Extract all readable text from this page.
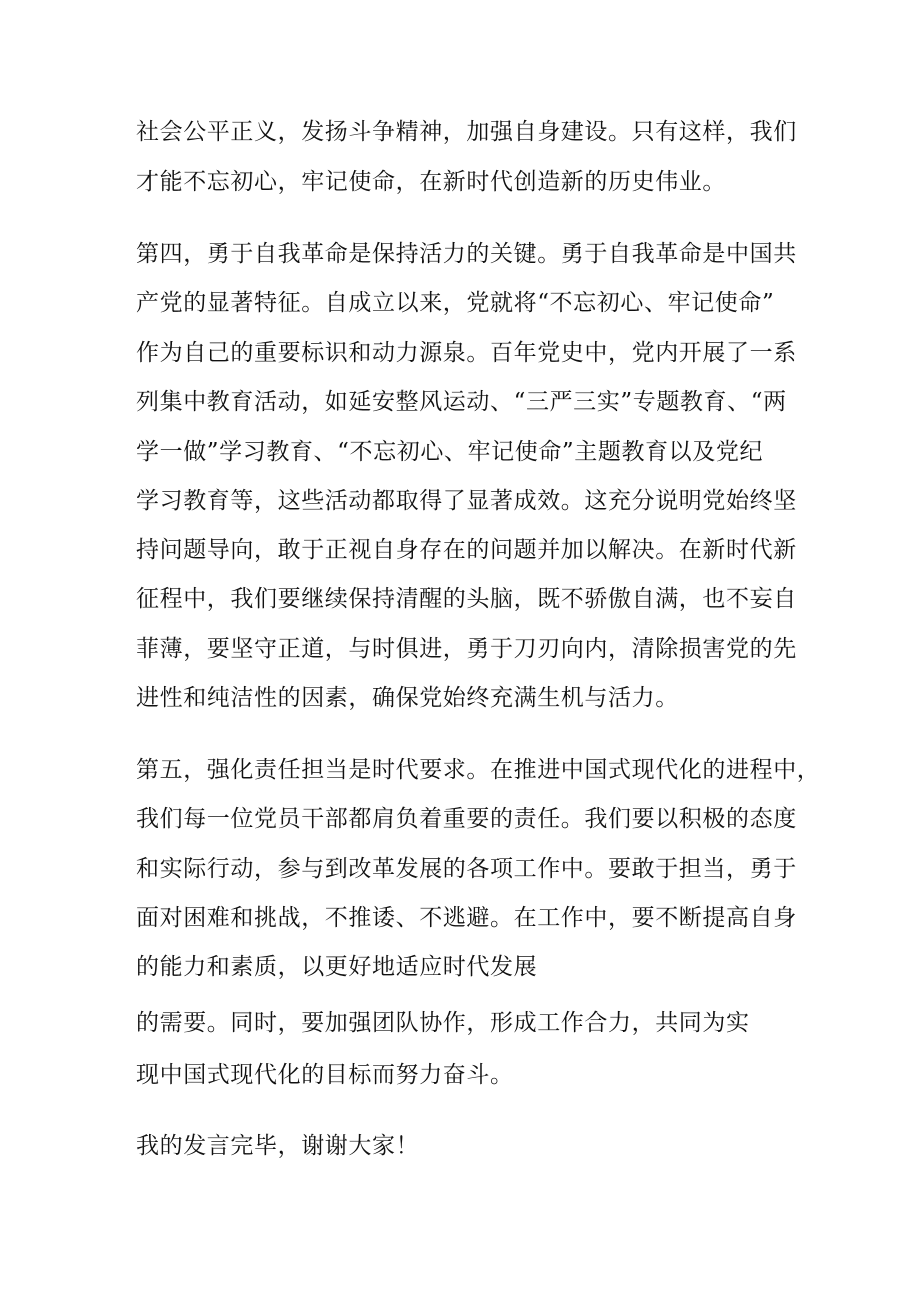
社会公平正义，发扬斗争精神，加强自身建设。只有这样，我们
才能不忘初心，牢记使命，在新时代创造新的历史伟业。
第四，勇于自我革命是保持活力的关键。勇于自我革命是中国共
产党的显著特征。自成立以来，党就将“不忘初心、牢记使命”
作为自己的重要标识和动力源泉。百年党史中，党内开展了一系
列集中教育活动，如延安整风运动、“三严三实”专题教育、“两
学一做”学习教育、“不忘初心、牢记使命”主题教育以及党纪
学习教育等，这些活动都取得了显著成效。这充分说明党始终坚
持问题导向，敢于正视自身存在的问题并加以解决。在新时代新
征程中，我们要继续保持清醒的头脑，既不骄傲自满，也不妄自
菲薄，要坚守正道，与时俱进，勇于刀刃向内，清除损害党的先
进性和纯洁性的因素，确保党始终充满生机与活力。
第五，强化责任担当是时代要求。在推进中国式现代化的进程中，
我们每一位党员干部都肩负着重要的责任。我们要以积极的态度
和实际行动，参与到改革发展的各项工作中。要敢于担当，勇于
面对困难和挑战，不推诿、不逃避。在工作中，要不断提高自身
的能力和素质，以更好地适应时代发展
的需要。同时，要加强团队协作，形成工作合力，共同为实
现中国式现代化的目标而努力奋斗。
我的发言完毕，谢谢大家！
